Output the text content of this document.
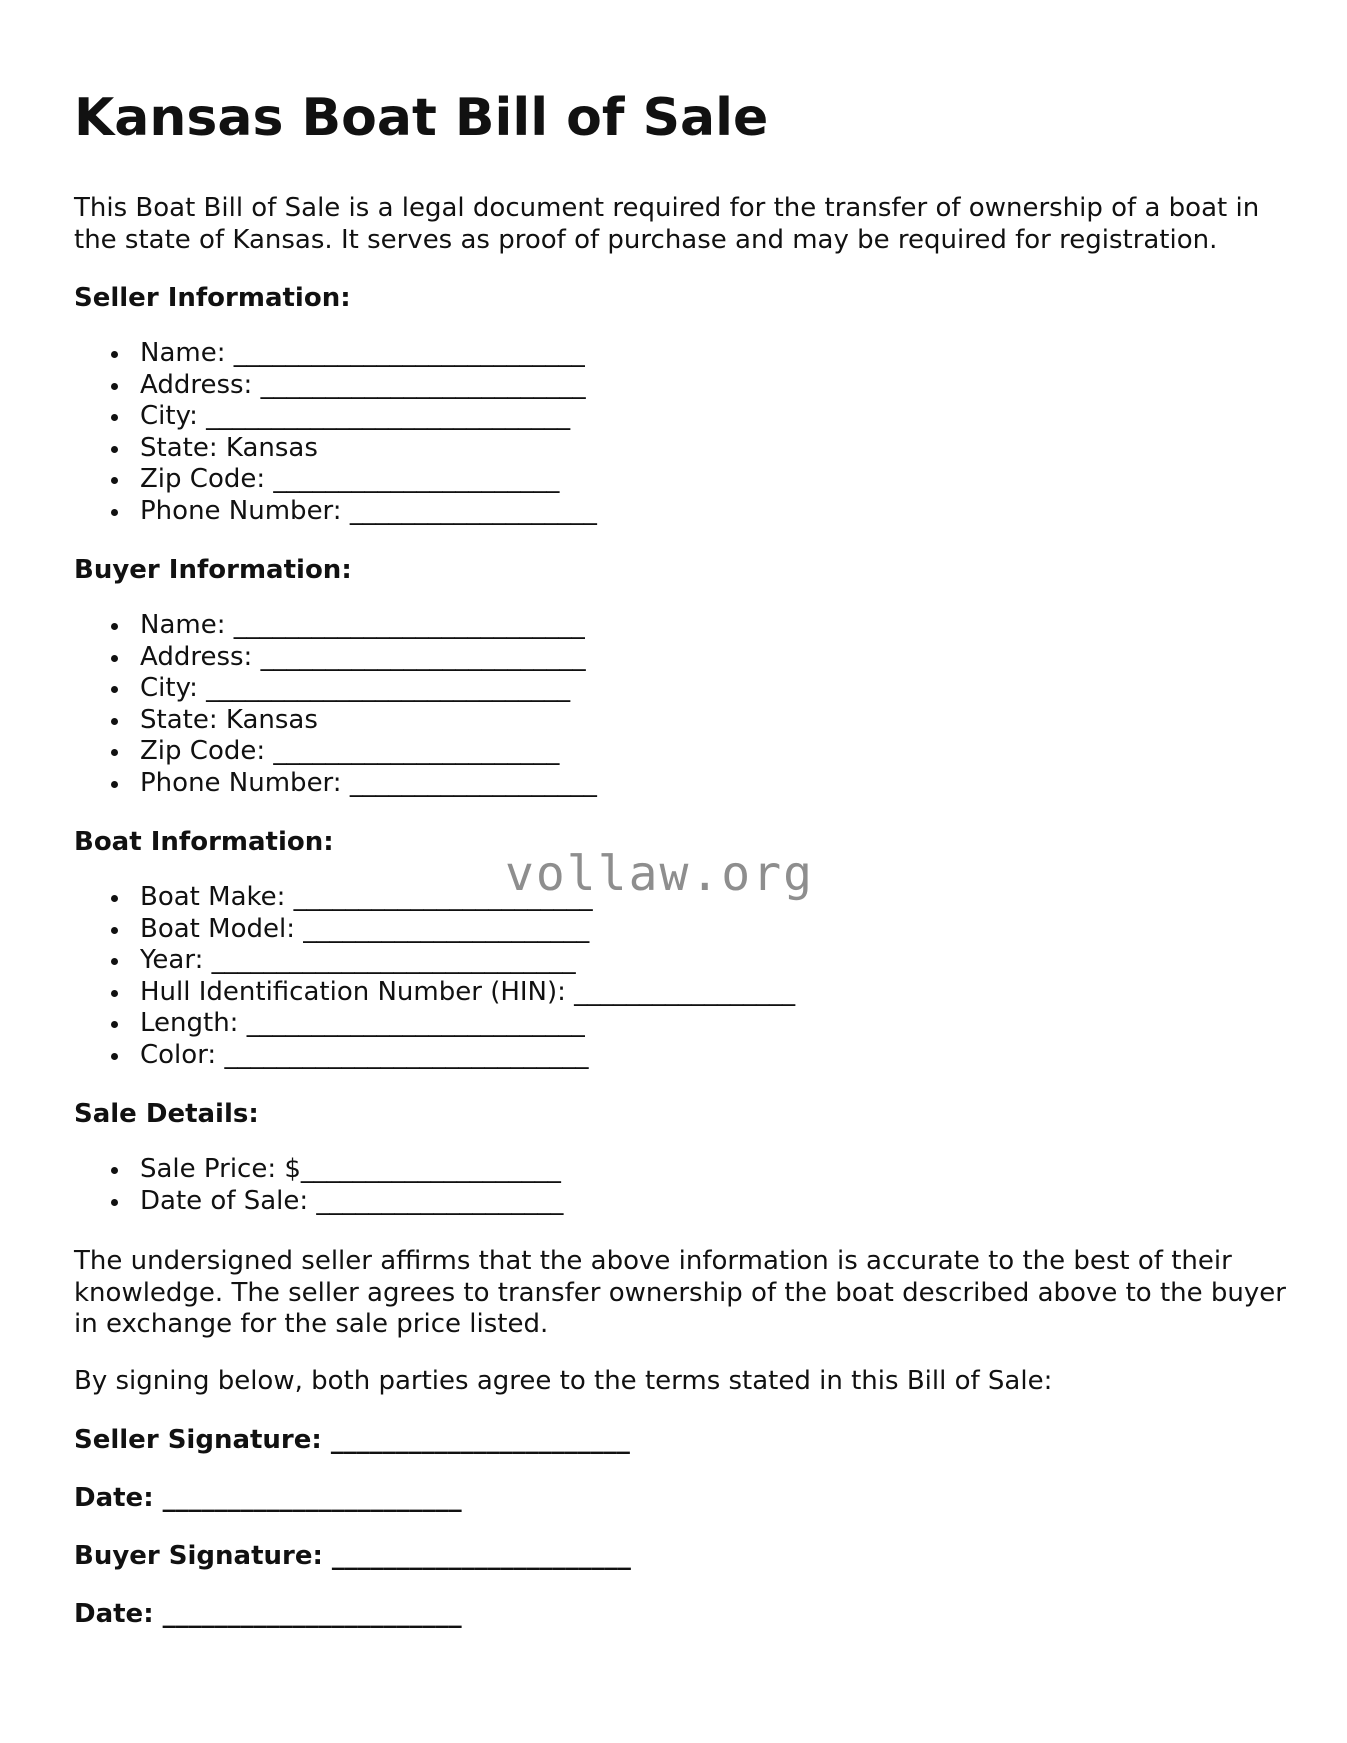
Kansas Boat Bill of Sale

This Boat Bill of Sale is a legal document required for the transfer of ownership of a boat in the state of Kansas. It serves as proof of purchase and may be required for registration.

Seller Information:

Name: ___________________________
Address: _________________________
City: ____________________________
State: Kansas
Zip Code: ______________________
Phone Number: ___________________

Buyer Information:

Name: ___________________________
Address: _________________________
City: ____________________________
State: Kansas
Zip Code: ______________________
Phone Number: ___________________

Boat Information:

Boat Make: _______________________
Boat Model: ______________________
Year: ____________________________
Hull Identification Number (HIN): _________________
Length: __________________________
Color: ____________________________

Sale Details:

Sale Price: $____________________
Date of Sale: ___________________

The undersigned seller affirms that the above information is accurate to the best of their knowledge. The seller agrees to transfer ownership of the boat described above to the buyer in exchange for the sale price listed.

By signing below, both parties agree to the terms stated in this Bill of Sale:

Seller Signature: _______________________

Date: _______________________

Buyer Signature: _______________________

Date: _______________________

vollaw.org
